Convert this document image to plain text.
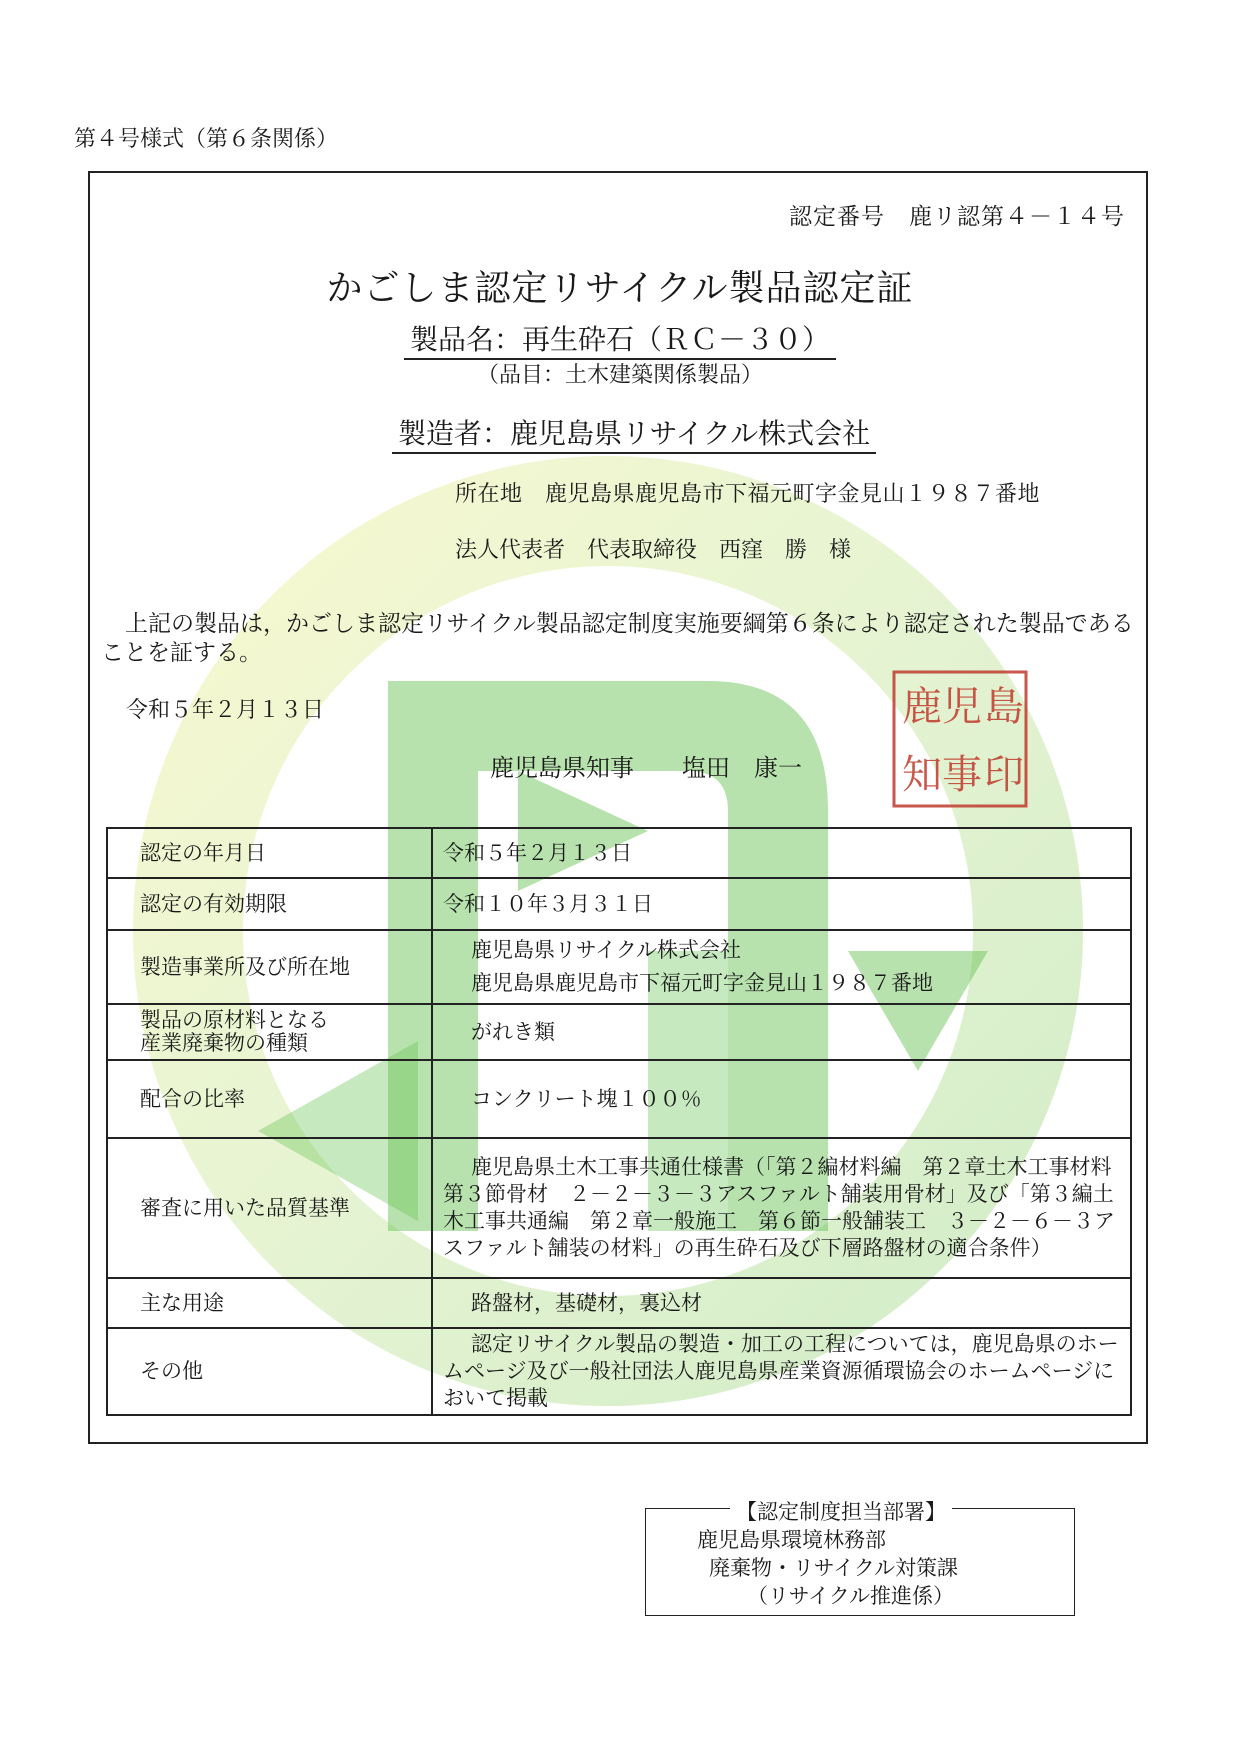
第４号様式（第６条関係）
認定番号　鹿リ認第４－１４号
かごしま認定リサイクル製品認定証
製品名：再生砕石（ＲＣ－３０）
（品目：土木建築関係製品）
製造者：鹿児島県リサイクル株式会社
所在地　鹿児島県鹿児島市下福元町字金見山１９８７番地
法人代表者　代表取締役　西窪　勝　様
上記の製品は，かごしま認定リサイクル製品認定制度実施要綱第６条により認定された製品であることを証する。
令和５年２月１３日
鹿児島県知事　　塩田　康一
鹿 児 島
知 事 印
認定の年月日	令和５年２月１３日
認定の有効期限	令和１０年３月３１日
製造事業所及び所在地	鹿児島県リサイクル株式会社
鹿児島県鹿児島市下福元町字金見山１９８７番地

製品の原材料となる
産業廃棄物の種類	がれき類
配合の比率	コンクリート塊１００％
審査に用いた品質基準	鹿児島県土木工事共通仕様書（「第２編材料編　第２章土木工事材料　第３節骨材　２－２－３－３アスファルト舗装用骨材」及び「第３編土木工事共通編　第２章一般施工　第６節一般舗装工　３－２－６－３アスファルト舗装の材料」の再生砕石及び下層路盤材の適合条件）
主な用途	路盤材，基礎材，裏込材
その他	認定リサイクル製品の製造・加工の工程については，鹿児島県のホームページ及び一般社団法人鹿児島県産業資源循環協会のホームページにおいて掲載
【認定制度担当部署】
鹿児島県環境林務部
廃棄物・リサイクル対策課
（リサイクル推進係）
